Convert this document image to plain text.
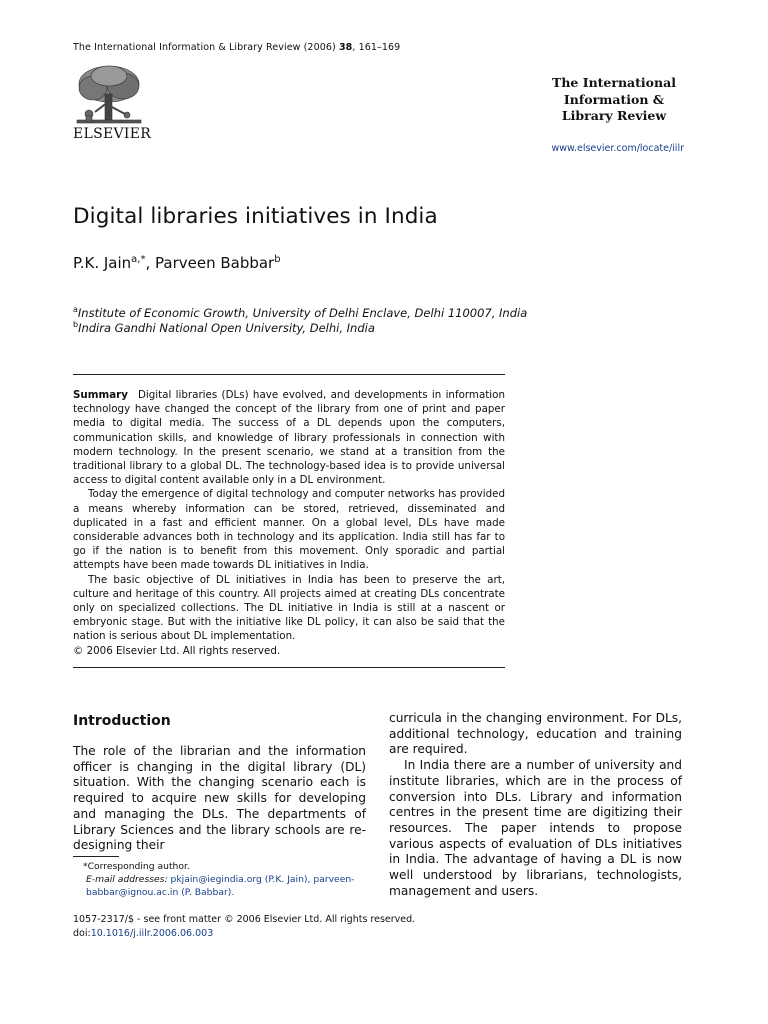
The International Information & Library Review (2006) 38, 161–169
ELSEVIER
The International Information & Library Review
www.elsevier.com/locate/iilr
Digital libraries initiatives in India
P.K. Jain$^{a,*}$, Parveen Babbar$^b$
$^a$Institute of Economic Growth, University of Delhi Enclave, Delhi 110007, India
$^b$Indira Gandhi National Open University, Delhi, India

Summary Digital libraries (DLs) have evolved, and developments in information technology have changed the concept of the library from one of print and paper media to digital media. The success of a DL depends upon the computers, communication skills, and knowledge of library professionals in connection with modern technology. In the present scenario, we stand at a transition from the traditional library to a global DL. The technology-based idea is to provide universal access to digital content available only in a DL environment.

Today the emergence of digital technology and computer networks has provided a means whereby information can be stored, retrieved, disseminated and duplicated in a fast and efficient manner. On a global level, DLs have made considerable advances both in technology and its application. India still has far to go if the nation is to benefit from this movement. Only sporadic and partial attempts have been made towards DL initiatives in India.

The basic objective of DL initiatives in India has been to preserve the art, culture and heritage of this country. All projects aimed at creating DLs concentrate only on specialized collections. The DL initiative in India is still at a nascent or embryonic stage. But with the initiative like DL policy, it can also be said that the nation is serious about DL implementation.

© 2006 Elsevier Ltd. All rights reserved.

Introduction

The role of the librarian and the information officer is changing in the digital library (DL) situation. With the changing scenario each is required to acquire new skills for developing and managing the DLs. The departments of Library Sciences and the library schools are re-designing their

curricula in the changing environment. For DLs, additional technology, education and training are required.

In India there are a number of university and institute libraries, which are in the process of conversion into DLs. Library and information centres in the present time are digitizing their resources. The paper intends to propose various aspects of evaluation of DLs initiatives in India. The advantage of having a DL is now well understood by librarians, technologists, management and users.

*Corresponding author.

E-mail addresses: pkjain@iegindia.org (P.K. Jain), parveen-babbar@ignou.ac.in (P. Babbar).

1057-2317/$ - see front matter © 2006 Elsevier Ltd. All rights reserved.

doi:10.1016/j.iilr.2006.06.003
